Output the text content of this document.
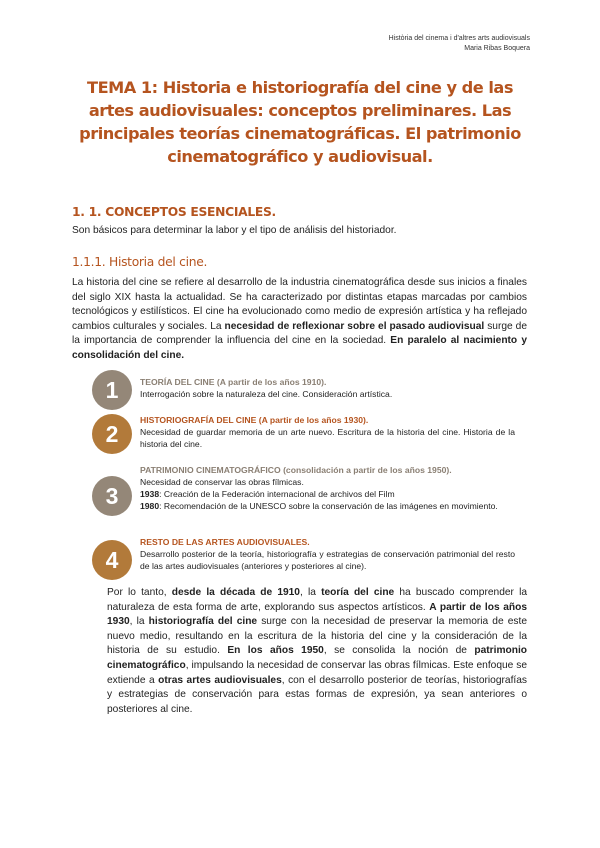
Història del cinema i d'altres arts audiovisuals
Maria Ribas Boquera
TEMA 1: Historia e historiografía del cine y de las artes audiovisuales: conceptos preliminares. Las principales teorías cinematográficas. El patrimonio cinematográfico y audiovisual.
1. 1. CONCEPTOS ESENCIALES.
Son básicos para determinar la labor y el tipo de análisis del historiador.
1.1.1. Historia del cine.
La historia del cine se refiere al desarrollo de la industria cinematográfica desde sus inicios a finales del siglo XIX hasta la actualidad. Se ha caracterizado por distintas etapas marcadas por cambios tecnológicos y estilísticos. El cine ha evolucionado como medio de expresión artística y ha reflejado cambios culturales y sociales. La necesidad de reflexionar sobre el pasado audiovisual surge de la importancia de comprender la influencia del cine en la sociedad. En paralelo al nacimiento y consolidación del cine.
1	TEORÍA DEL CINE (A partir de los años 1910).
Interrogación sobre la naturaleza del cine. Consideración artística.
2
HISTORIOGRAFÍA DEL CINE (A partir de los años 1930).
Necesidad de guardar memoria de un arte nuevo. Escritura de la historia del cine. Historia de la historia del cine.
3
PATRIMONIO CINEMATOGRÁFICO (consolidación a partir de los años 1950).
Necesidad de conservar las obras fílmicas.
1938: Creación de la Federación internacional de archivos del Film
1980: Recomendación de la UNESCO sobre la conservación de las imágenes en movimiento.
4
RESTO DE LAS ARTES AUDIOVISUALES.
Desarrollo posterior de la teoría, historiografía y estrategias de conservación patrimonial del resto de las artes audiovisuales (anteriores y posteriores al cine).
Por lo tanto, desde la década de 1910, la teoría del cine ha buscado comprender la naturaleza de esta forma de arte, explorando sus aspectos artísticos. A partir de los años 1930, la historiografía del cine surge con la necesidad de preservar la memoria de este nuevo medio, resultando en la escritura de la historia del cine y la consideración de la historia de su estudio. En los años 1950, se consolida la noción de patrimonio cinematográfico, impulsando la necesidad de conservar las obras fílmicas. Este enfoque se extiende a otras artes audiovisuales, con el desarrollo posterior de teorías, historiografías y estrategias de conservación para estas formas de expresión, ya sean anteriores o posteriores al cine.
